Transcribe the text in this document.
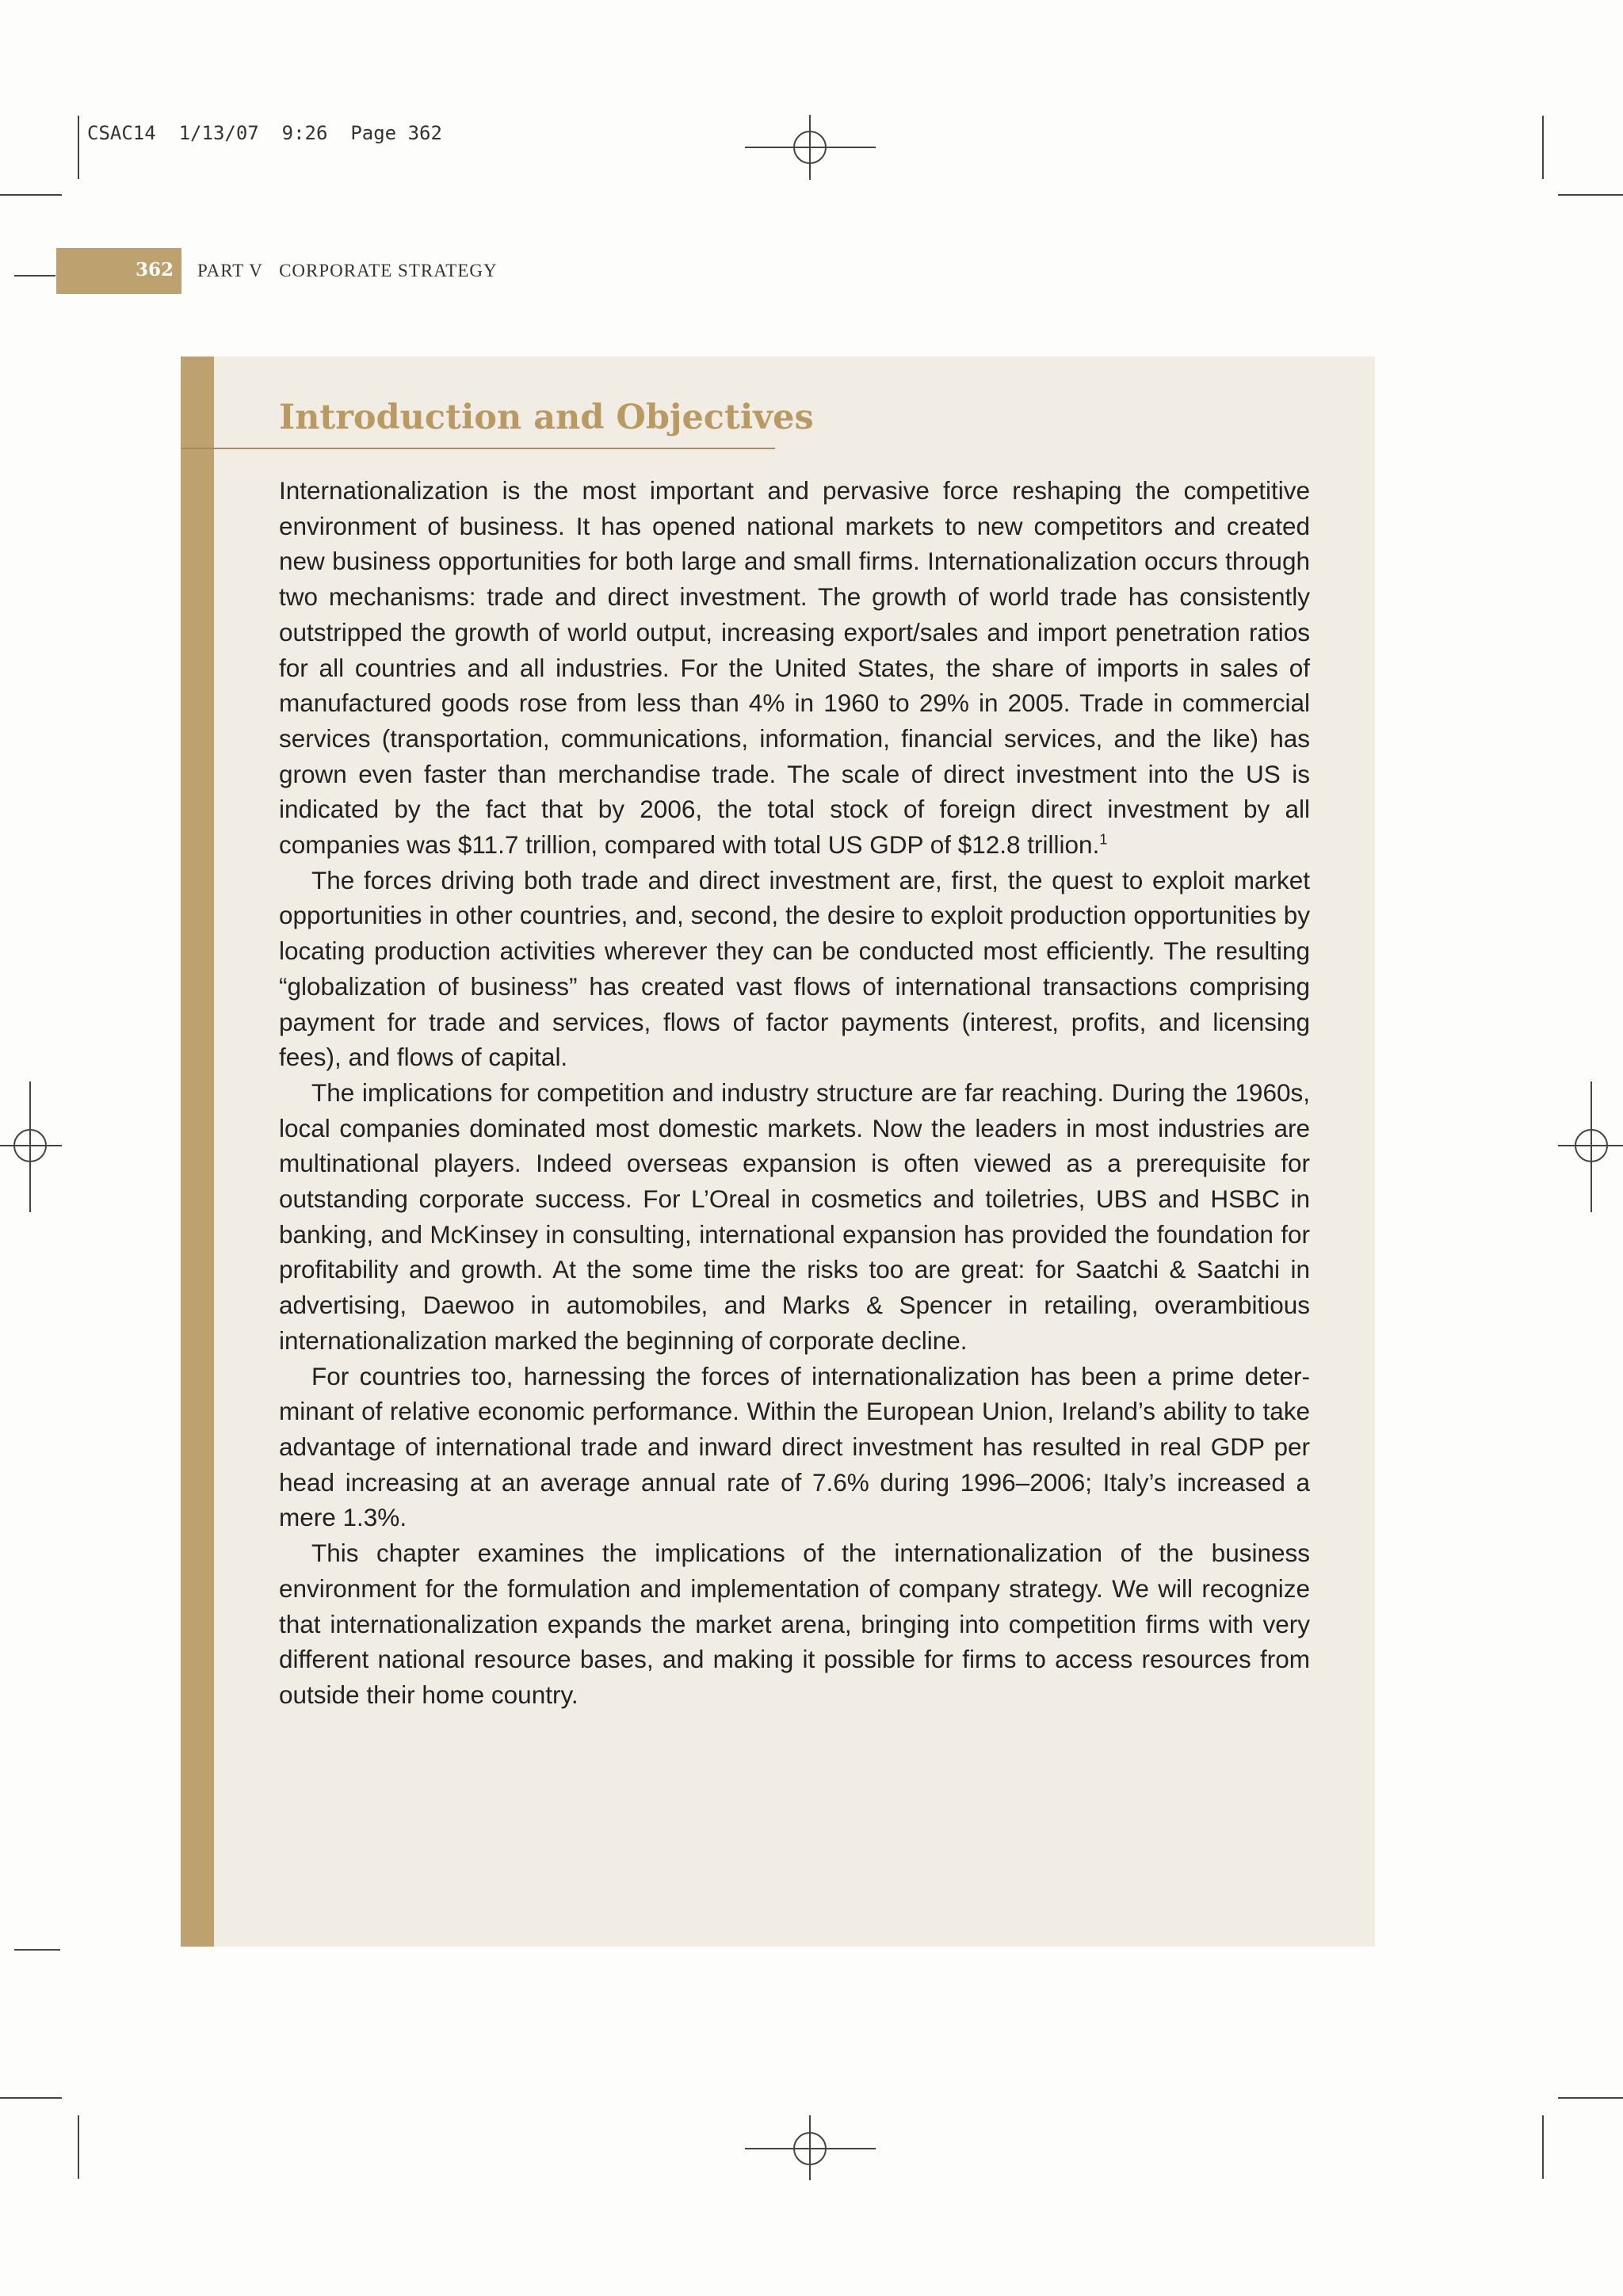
CSAC14  1/13/07  9:26  Page 362
362 PART V CORPORATE STRATEGY
Introduction and Objectives

Internationalization is the most important and pervasive force reshaping the competitive environment of business. It has opened national markets to new competitors and created new business opportunities for both large and small firms. Internationalization occurs through two mechanisms: trade and direct investment. The growth of world trade has consistently outstripped the growth of world output, increasing export/sales and import penetration ratios for all countries and all industries. For the United States, the share of imports in sales of manufactured goods rose from less than 4% in 1960 to 29% in 2005. Trade in commercial services (transportation, communications, information, financial services, and the like) has grown even faster than merchandise trade. The scale of direct investment into the US is indicated by the fact that by 2006, the total stock of foreign direct investment by all companies was $11.7 trillion, compared with total US GDP of $12.8 trillion.$^1$

The forces driving both trade and direct investment are, first, the quest to exploit market opportunities in other countries, and, second, the desire to exploit production opportunities by locating production activities wherever they can be conducted most efficiently. The resulting “globalization of business” has created vast flows of international transactions comprising payment for trade and services, flows of factor payments (interest, profits, and licensing fees), and flows of capital.

The implications for competition and industry structure are far reaching. During the 1960s, local companies dominated most domestic markets. Now the leaders in most industries are multinational players. Indeed overseas expansion is often viewed as a prerequisite for outstanding corporate success. For L’Oreal in cosmetics and toiletries, UBS and HSBC in banking, and McKinsey in consulting, international expansion has provided the foundation for profitability and growth. At the some time the risks too are great: for Saatchi & Saatchi in advertising, Daewoo in automobiles, and Marks & Spencer in retailing, overambitious internationalization marked the beginning of corporate decline.

For countries too, harnessing the forces of internationalization has been a prime determinant of relative economic performance. Within the European Union, Ireland’s ability to take advantage of international trade and inward direct investment has resulted in real GDP per head increasing at an average annual rate of 7.6% during 1996–2006; Italy’s increased a mere 1.3%.

This chapter examines the implications of the internationalization of the business environment for the formulation and implementation of company strategy. We will recognize that internationalization expands the market arena, bringing into competition firms with very different national resource bases, and making it possible for firms to access resources from outside their home country.
